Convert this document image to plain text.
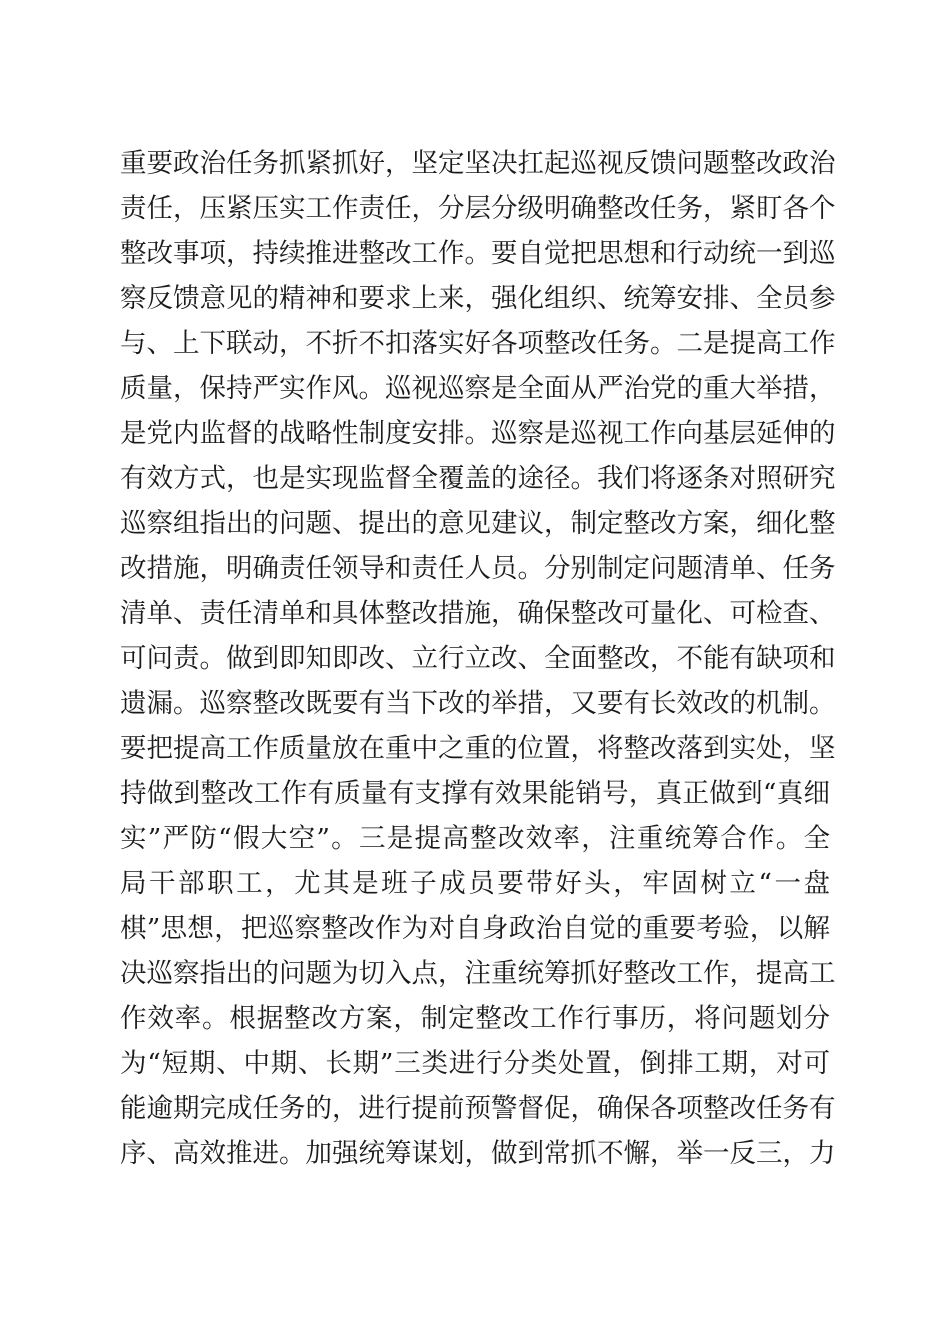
重要政治任务抓紧抓好，坚定坚决扛起巡视反馈问题整改政治
责任，压紧压实工作责任，分层分级明确整改任务，紧盯各个
整改事项，持续推进整改工作。要自觉把思想和行动统一到巡
察反馈意见的精神和要求上来，强化组织、统筹安排、全员参
与、上下联动，不折不扣落实好各项整改任务。二是提高工作
质量，保持严实作风。巡视巡察是全面从严治党的重大举措，
是党内监督的战略性制度安排。巡察是巡视工作向基层延伸的
有效方式，也是实现监督全覆盖的途径。我们将逐条对照研究
巡察组指出的问题、提出的意见建议，制定整改方案，细化整
改措施，明确责任领导和责任人员。分别制定问题清单、任务
清单、责任清单和具体整改措施，确保整改可量化、可检查、
可问责。做到即知即改、立行立改、全面整改，不能有缺项和
遗漏。巡察整改既要有当下改的举措，又要有长效改的机制。
要把提高工作质量放在重中之重的位置，将整改落到实处，坚
持做到整改工作有质量有支撑有效果能销号，真正做到“真细
实”严防“假大空”。三是提高整改效率，注重统筹合作。全
局干部职工，尤其是班子成员要带好头，牢固树立“一盘
棋”思想，把巡察整改作为对自身政治自觉的重要考验，以解
决巡察指出的问题为切入点，注重统筹抓好整改工作，提高工
作效率。根据整改方案，制定整改工作行事历，将问题划分
为“短期、中期、长期”三类进行分类处置，倒排工期，对可
能逾期完成任务的，进行提前预警督促，确保各项整改任务有
序、高效推进。加强统筹谋划，做到常抓不懈，举一反三，力
